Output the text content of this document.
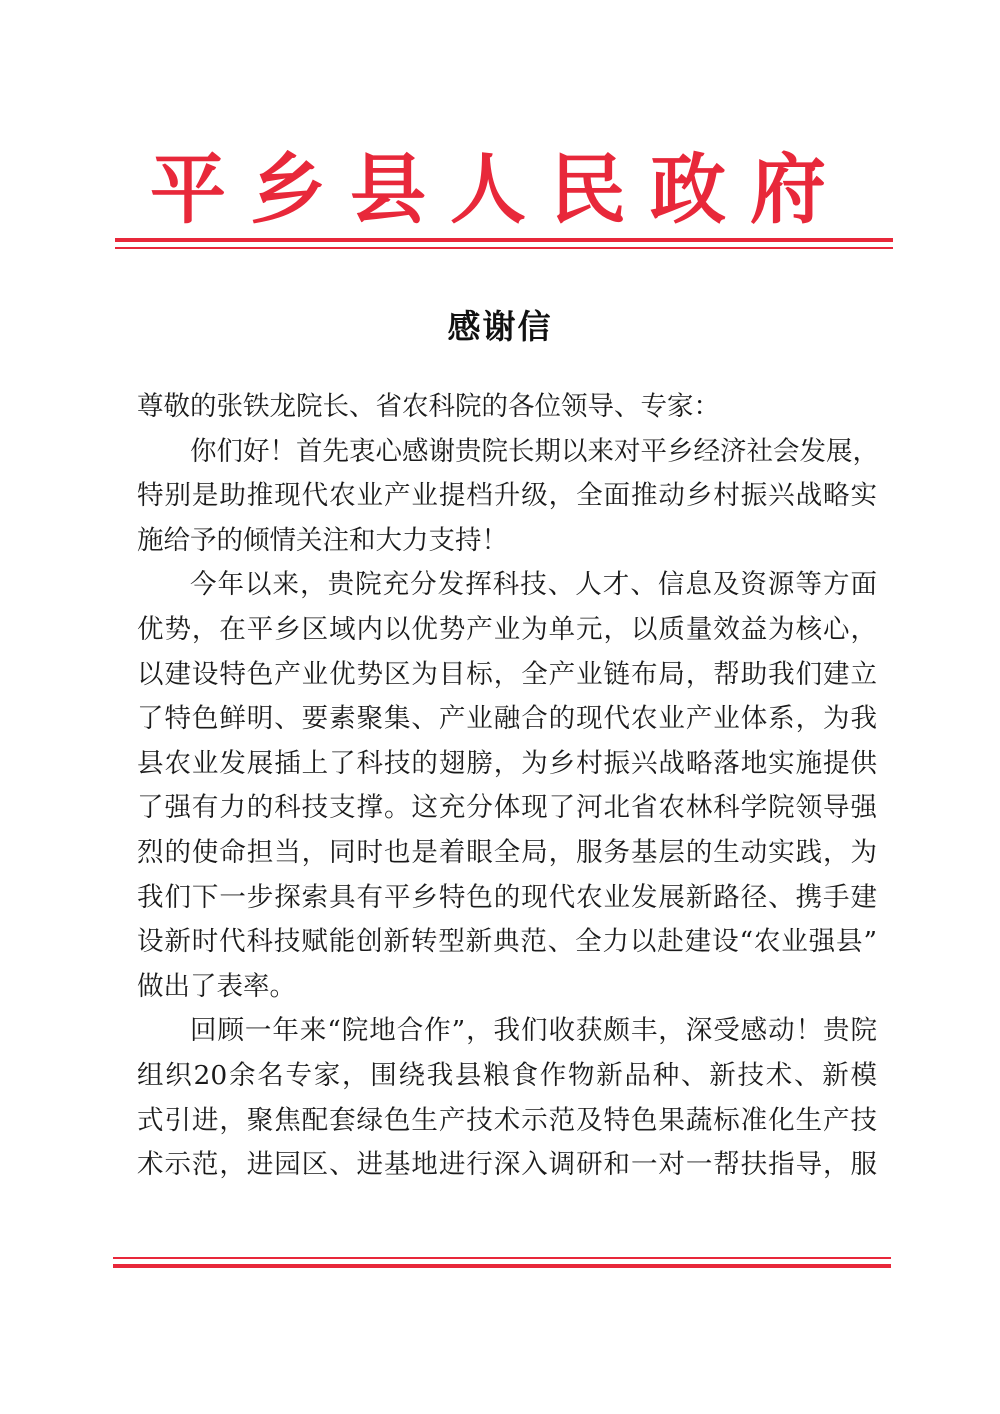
平乡县人民政府
感谢信

尊敬的张铁龙院长、省农科院的各位领导、专家：

你们好！首先衷心感谢贵院长期以来对平乡经济社会发展，
特别是助推现代农业产业提档升级，全面推动乡村振兴战略实
施给予的倾情关注和大力支持！

今年以来，贵院充分发挥科技、人才、信息及资源等方面
优势，在平乡区域内以优势产业为单元，以质量效益为核心，
以建设特色产业优势区为目标，全产业链布局，帮助我们建立
了特色鲜明、要素聚集、产业融合的现代农业产业体系，为我
县农业发展插上了科技的翅膀，为乡村振兴战略落地实施提供
了强有力的科技支撑。这充分体现了河北省农林科学院领导强
烈的使命担当，同时也是着眼全局，服务基层的生动实践，为
我们下一步探索具有平乡特色的现代农业发展新路径、携手建
设新时代科技赋能创新转型新典范、全力以赴建设“农业强县”
做出了表率。

回顾一年来“院地合作”，我们收获颇丰，深受感动！贵院
组织20余名专家，围绕我县粮食作物新品种、新技术、新模
式引进，聚焦配套绿色生产技术示范及特色果蔬标准化生产技
术示范，进园区、进基地进行深入调研和一对一帮扶指导，服
